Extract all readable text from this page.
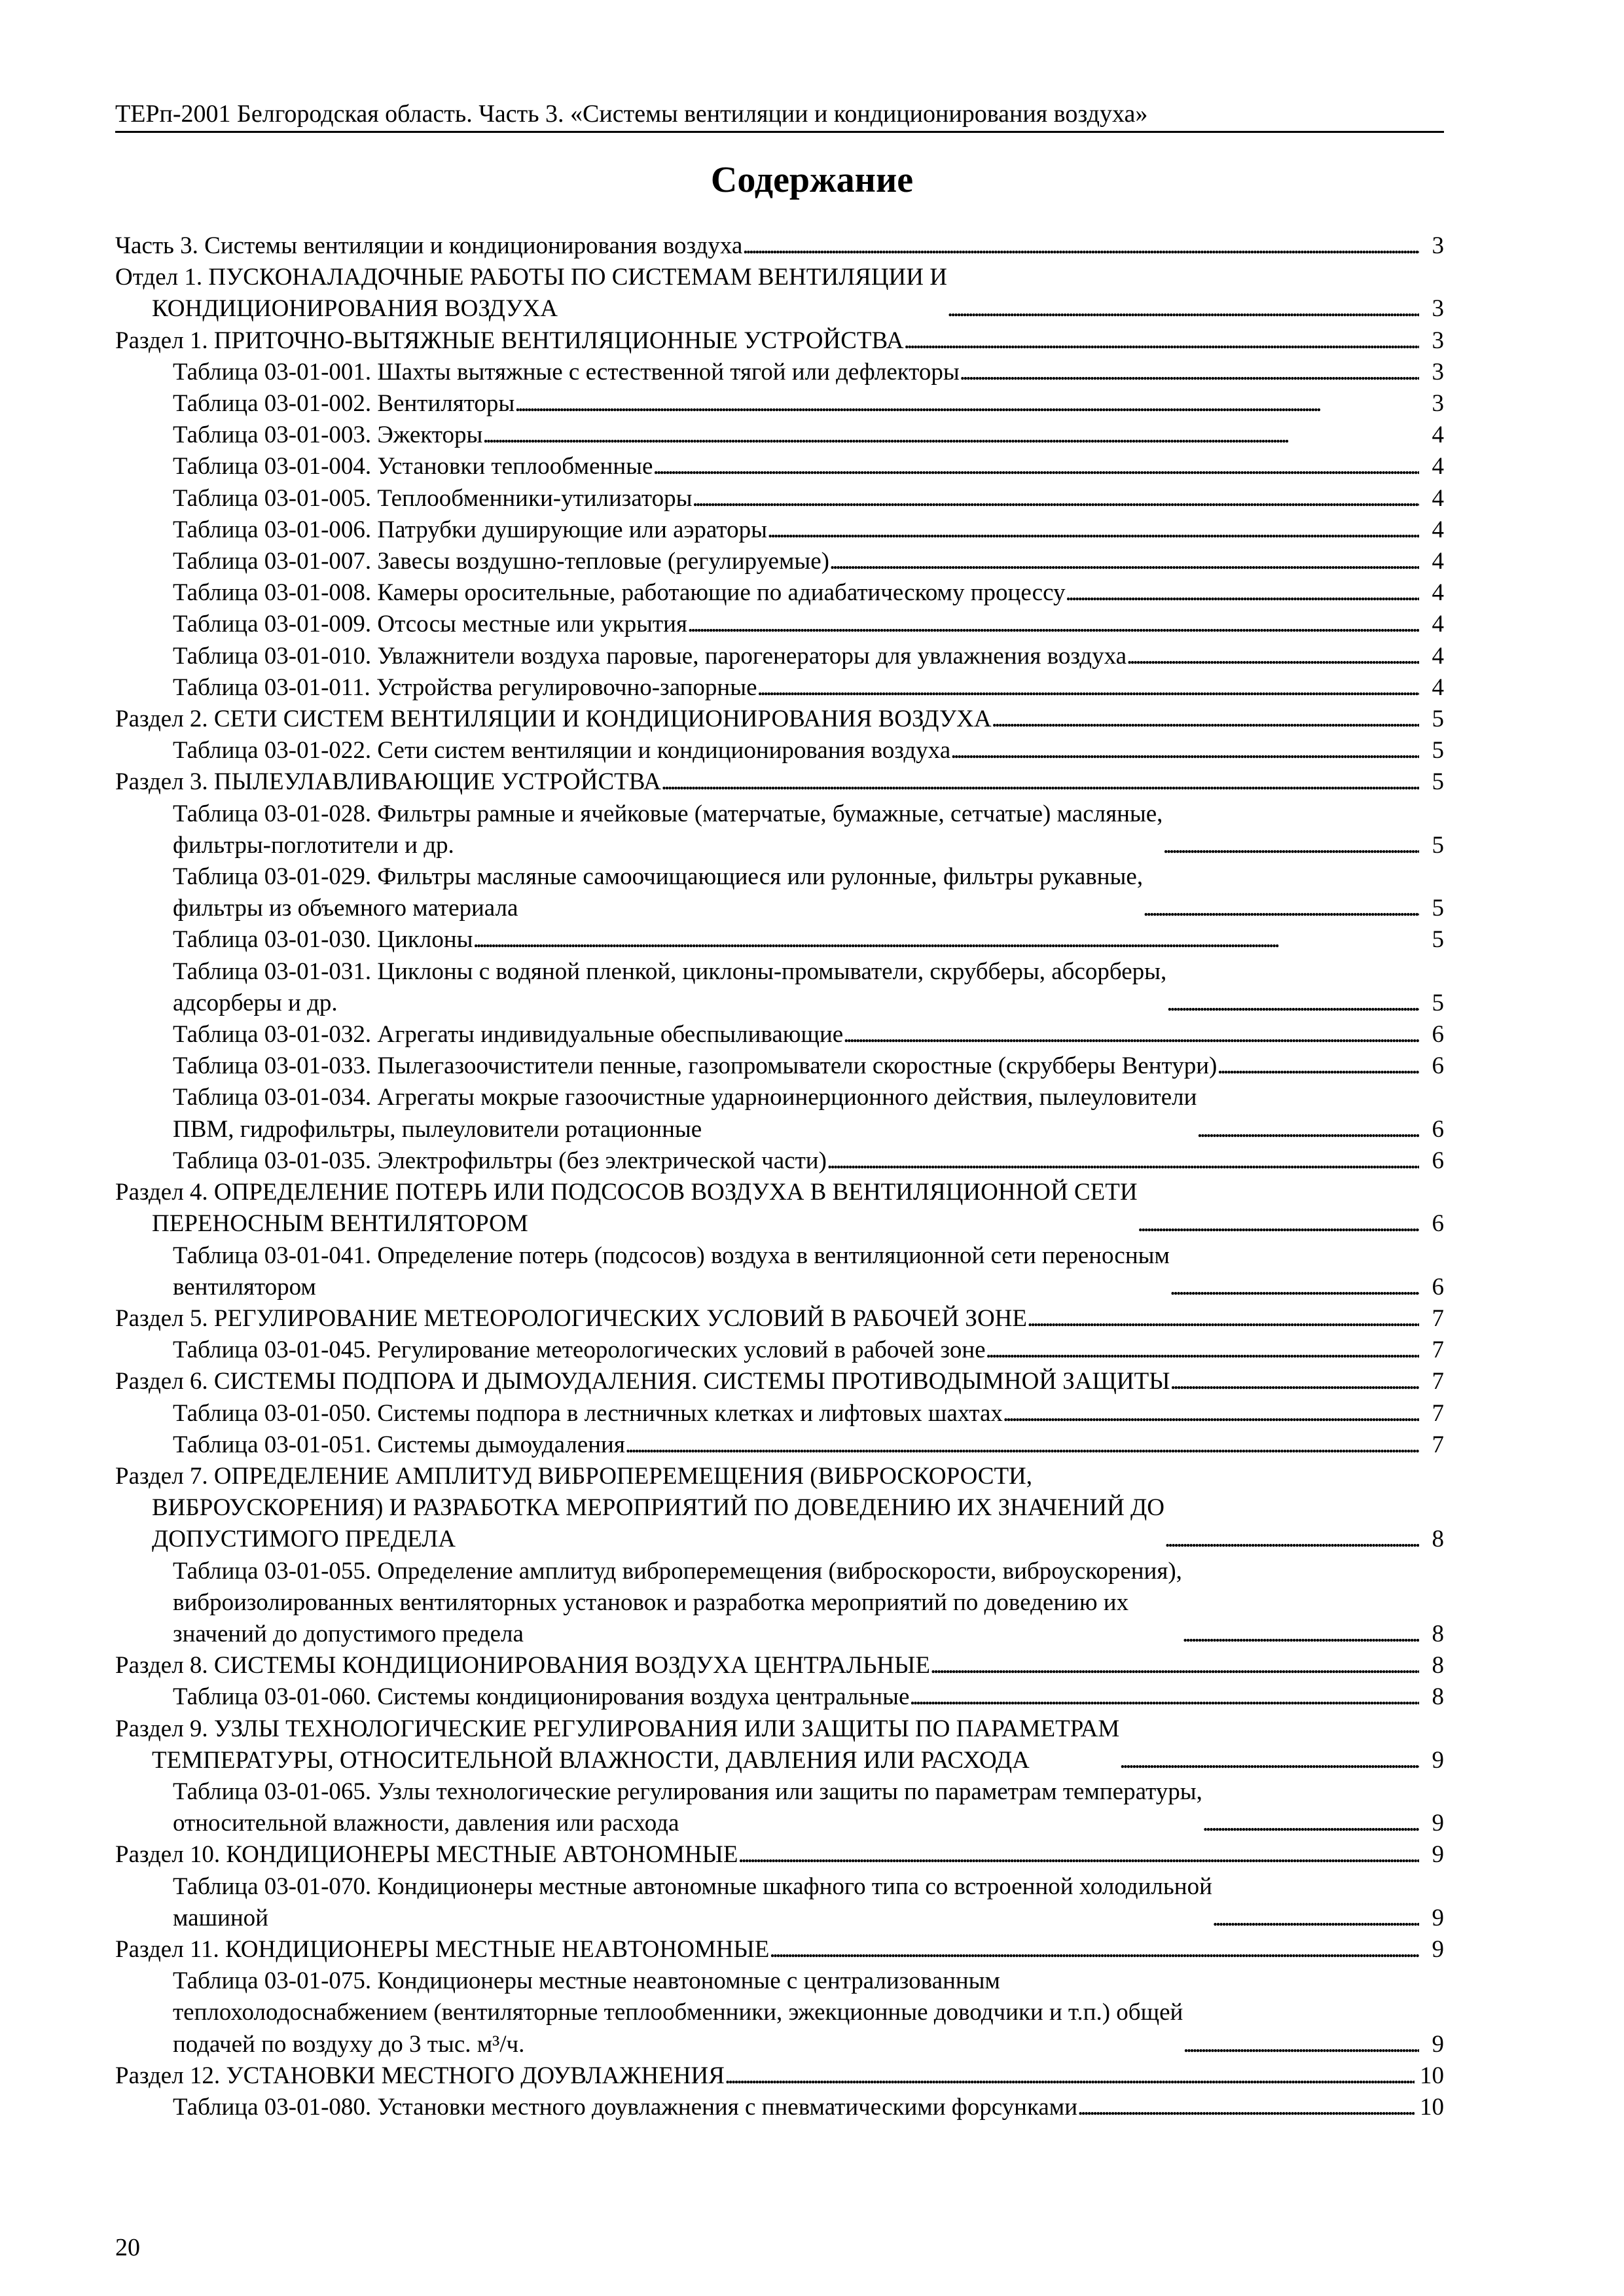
ТЕРп-2001 Белгородская область. Часть 3. «Системы вентиляции и кондиционирования воздуха»
Содержание
Часть 3. Системы вентиляции и кондиционирования воздуха . . .	3
Отдел 1. ПУСКОНАЛАДОЧНЫЕ РАБОТЫ ПО СИСТЕМАМ ВЕНТИЛЯЦИИ И
КОНДИЦИОНИРОВАНИЯ ВОЗДУХА . . .	3
Раздел 1. ПРИТОЧНО-ВЫТЯЖНЫЕ ВЕНТИЛЯЦИОННЫЕ УСТРОЙСТВА . . .	3
Таблица 03-01-001. Шахты вытяжные с естественной тягой или дефлекторы . . .	3
Таблица 03-01-002. Вентиляторы . . .	3
Таблица 03-01-003. Эжекторы . . .	4
Таблица 03-01-004. Установки теплообменные . . .	4
Таблица 03-01-005. Теплообменники-утилизаторы . . .	4
Таблица 03-01-006. Патрубки душирующие или аэраторы . . .	4
Таблица 03-01-007. Завесы воздушно-тепловые (регулируемые) . . .	4
Таблица 03-01-008. Камеры оросительные, работающие по адиабатическому процессу . . .	4
Таблица 03-01-009. Отсосы местные или укрытия . . .	4
Таблица 03-01-010. Увлажнители воздуха паровые, парогенераторы для увлажнения воздуха . . .	4
Таблица 03-01-011. Устройства регулировочно-запорные . . .	4
Раздел 2. СЕТИ СИСТЕМ ВЕНТИЛЯЦИИ И КОНДИЦИОНИРОВАНИЯ ВОЗДУХА . . .	5
Таблица 03-01-022. Сети систем вентиляции и кондиционирования воздуха . . .	5
Раздел 3. ПЫЛЕУЛАВЛИВАЮЩИЕ УСТРОЙСТВА . . .	5
Таблица 03-01-028. Фильтры рамные и ячейковые (матерчатые, бумажные, сетчатые) масляные,
фильтры-поглотители и др. . . .	5
Таблица 03-01-029. Фильтры масляные самоочищающиеся или рулонные, фильтры рукавные,
фильтры из объемного материала . . .	5
Таблица 03-01-030. Циклоны . . .	5
Таблица 03-01-031. Циклоны с водяной пленкой, циклоны-промыватели, скрубберы, абсорберы,
адсорберы и др. . . .	5
Таблица 03-01-032. Агрегаты индивидуальные обеспыливающие . . .	6
Таблица 03-01-033. Пылегазоочистители пенные, газопромыватели скоростные (скрубберы Вентури) . . .	6
Таблица 03-01-034. Агрегаты мокрые газоочистные ударноинерционного действия, пылеуловители
ПВМ, гидрофильтры, пылеуловители ротационные . . .	6
Таблица 03-01-035. Электрофильтры (без электрической части) . . .	6
Раздел 4. ОПРЕДЕЛЕНИЕ ПОТЕРЬ ИЛИ ПОДСОСОВ ВОЗДУХА В ВЕНТИЛЯЦИОННОЙ СЕТИ
ПЕРЕНОСНЫМ ВЕНТИЛЯТОРОМ . . .	6
Таблица 03-01-041. Определение потерь (подсосов) воздуха в вентиляционной сети переносным
вентилятором . . .	6
Раздел 5. РЕГУЛИРОВАНИЕ МЕТЕОРОЛОГИЧЕСКИХ УСЛОВИЙ В РАБОЧЕЙ ЗОНЕ . . .	7
Таблица 03-01-045. Регулирование метеорологических условий в рабочей зоне . . .	7
Раздел 6. СИСТЕМЫ ПОДПОРА И ДЫМОУДАЛЕНИЯ. СИСТЕМЫ ПРОТИВОДЫМНОЙ ЗАЩИТЫ . . .	7
Таблица 03-01-050. Системы подпора в лестничных клетках и лифтовых шахтах . . .	7
Таблица 03-01-051. Системы дымоудаления . . .	7
Раздел 7. ОПРЕДЕЛЕНИЕ АМПЛИТУД ВИБРОПЕРЕМЕЩЕНИЯ (ВИБРОСКОРОСТИ,
ВИБРОУСКОРЕНИЯ) И РАЗРАБОТКА МЕРОПРИЯТИЙ ПО ДОВЕДЕНИЮ ИХ ЗНАЧЕНИЙ ДО
ДОПУСТИМОГО ПРЕДЕЛА . . .	8
Таблица 03-01-055. Определение амплитуд виброперемещения (виброскорости, виброускорения),
виброизолированных вентиляторных установок и разработка мероприятий по доведению их
значений до допустимого предела . . .	8
Раздел 8. СИСТЕМЫ КОНДИЦИОНИРОВАНИЯ ВОЗДУХА ЦЕНТРАЛЬНЫЕ . . .	8
Таблица 03-01-060. Системы кондиционирования воздуха центральные . . .	8
Раздел 9. УЗЛЫ ТЕХНОЛОГИЧЕСКИЕ РЕГУЛИРОВАНИЯ ИЛИ ЗАЩИТЫ ПО ПАРАМЕТРАМ
ТЕМПЕРАТУРЫ, ОТНОСИТЕЛЬНОЙ ВЛАЖНОСТИ, ДАВЛЕНИЯ ИЛИ РАСХОДА . . .	9
Таблица 03-01-065. Узлы технологические регулирования или защиты по параметрам температуры,
относительной влажности, давления или расхода . . .	9
Раздел 10. КОНДИЦИОНЕРЫ МЕСТНЫЕ АВТОНОМНЫЕ . . .	9
Таблица 03-01-070. Кондиционеры местные автономные шкафного типа со встроенной холодильной
машиной . . .	9
Раздел 11. КОНДИЦИОНЕРЫ МЕСТНЫЕ НЕАВТОНОМНЫЕ . . .	9
Таблица 03-01-075. Кондиционеры местные неавтономные с централизованным
теплохолодоснабжением (вентиляторные теплообменники, эжекционные доводчики и т.п.) общей
подачей по воздуху до 3 тыс. м³/ч. . . .	9
Раздел 12. УСТАНОВКИ МЕСТНОГО ДОУВЛАЖНЕНИЯ . . .	10
Таблица 03-01-080. Установки местного доувлажнения с пневматическими форсунками . . .	10
20
